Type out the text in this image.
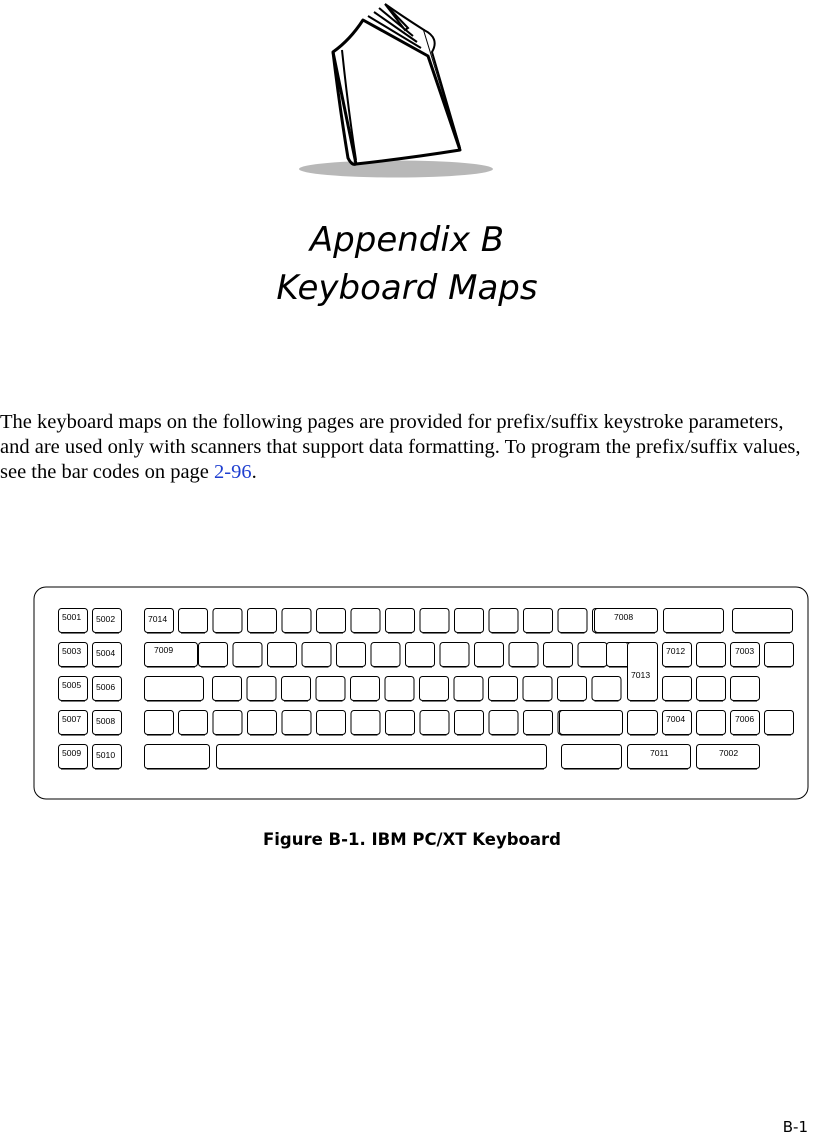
Appendix B
Keyboard Maps

The keyboard maps on the following pages are provided for prefix/suffix keystroke parameters, and are used only with scanners that support data formatting. To program the prefix/suffix values, see the bar codes on page 2-96.

5001 5002
5003 5004
5005 5006
5007 5008
5009 5010
7014	7008
7009
7013
7012	7003
7004	7006
7011	7002
Figure B-1. IBM PC/XT Keyboard
B-1
